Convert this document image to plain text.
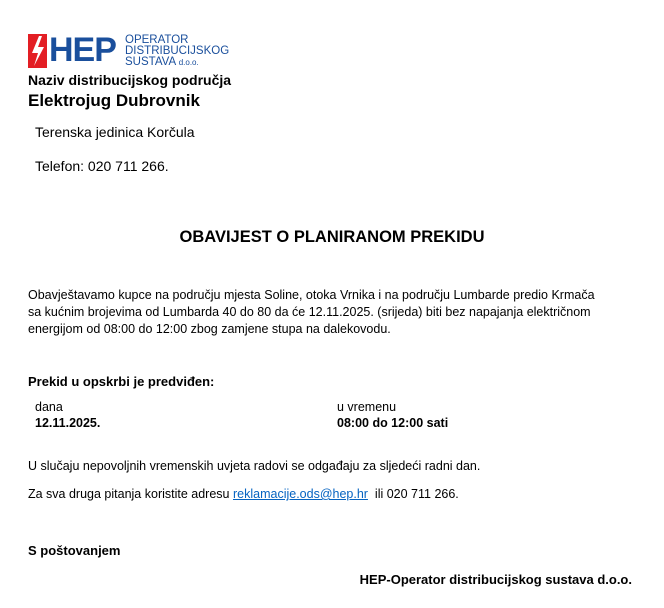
HEP OPERATOR
DISTRIBUCIJSKOG
SUSTAVA d.o.o.
Naziv distribucijskog područja
Elektrojug Dubrovnik
Terenska jedinica Korčula
Telefon: 020 711 266.
OBAVIJEST O PLANIRANOM PREKIDU
Obavještavamo kupce na području mjesta Soline, otoka Vrnika i na području Lumbarde predio Krmača
sa kućnim brojevima od Lumbarda 40 do 80 da će 12.11.2025. (srijeda) biti bez napajanja električnom
energijom od 08:00 do 12:00 zbog zamjene stupa na dalekovodu.
Prekid u opskrbi je predviđen:
dana	u vremenu
12.11.2025.	08:00 do 12:00 sati
U slučaju nepovoljnih vremenskih uvjeta radovi se odgađaju za sljedeći radni dan.
Za sva druga pitanja koristite adresu reklamacije.ods@hep.hr ili 020 711 266.
S poštovanjem
HEP-Operator distribucijskog sustava d.o.o.
